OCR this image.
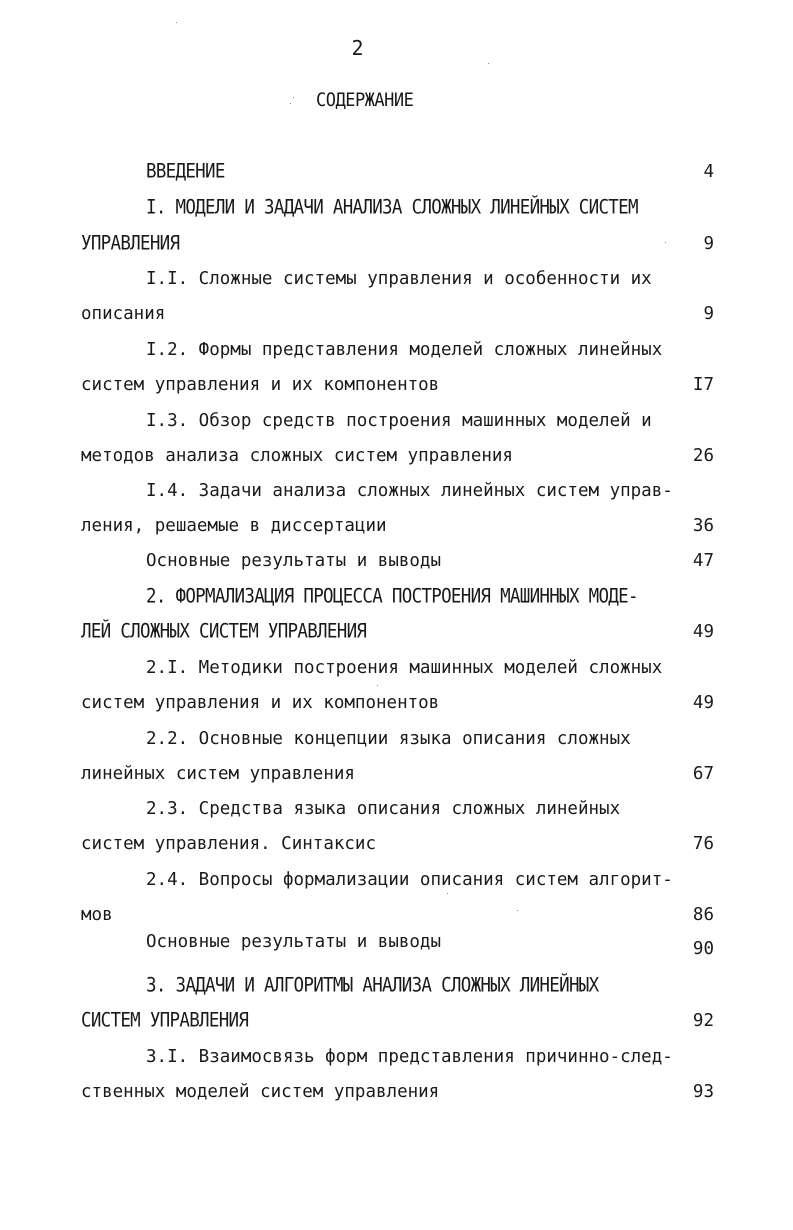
2
СОДЕРЖАНИЕ
ВВЕДЕНИЕ	4
I. МОДЕЛИ И ЗАДАЧИ АНАЛИЗА СЛОЖНЫХ ЛИНЕЙНЫХ СИСТЕМ
УПРАВЛЕНИЯ	9
I.I. Сложные системы управления и особенности их
описания	9
I.2. Формы представления моделей сложных линейных
систем управления и их компонентов	I7
I.3. Обзор средств построения машинных моделей и
методов анализа сложных систем управления	26
I.4. Задачи анализа сложных линейных систем управ-
ления, решаемые в диссертации	36
Основные результаты и выводы	47
2. ФОРМАЛИЗАЦИЯ ПРОЦЕССА ПОСТРОЕНИЯ МАШИННЫХ МОДЕ-
ЛЕЙ СЛОЖНЫХ СИСТЕМ УПРАВЛЕНИЯ	49
2.I. Методики построения машинных моделей сложных
систем управления и их компонентов	49
2.2. Основные концепции языка описания сложных
линейных систем управления	67
2.3. Средства языка описания сложных линейных
систем управления. Синтаксис	76
2.4. Вопросы формализации описания систем алгорит-
мов	86
Основные результаты и выводы	90
3. ЗАДАЧИ И АЛГОРИТМЫ АНАЛИЗА СЛОЖНЫХ ЛИНЕЙНЫХ
СИСТЕМ УПРАВЛЕНИЯ	92
3.I. Взаимосвязь форм представления причинно-след-
ственных моделей систем управления	93
